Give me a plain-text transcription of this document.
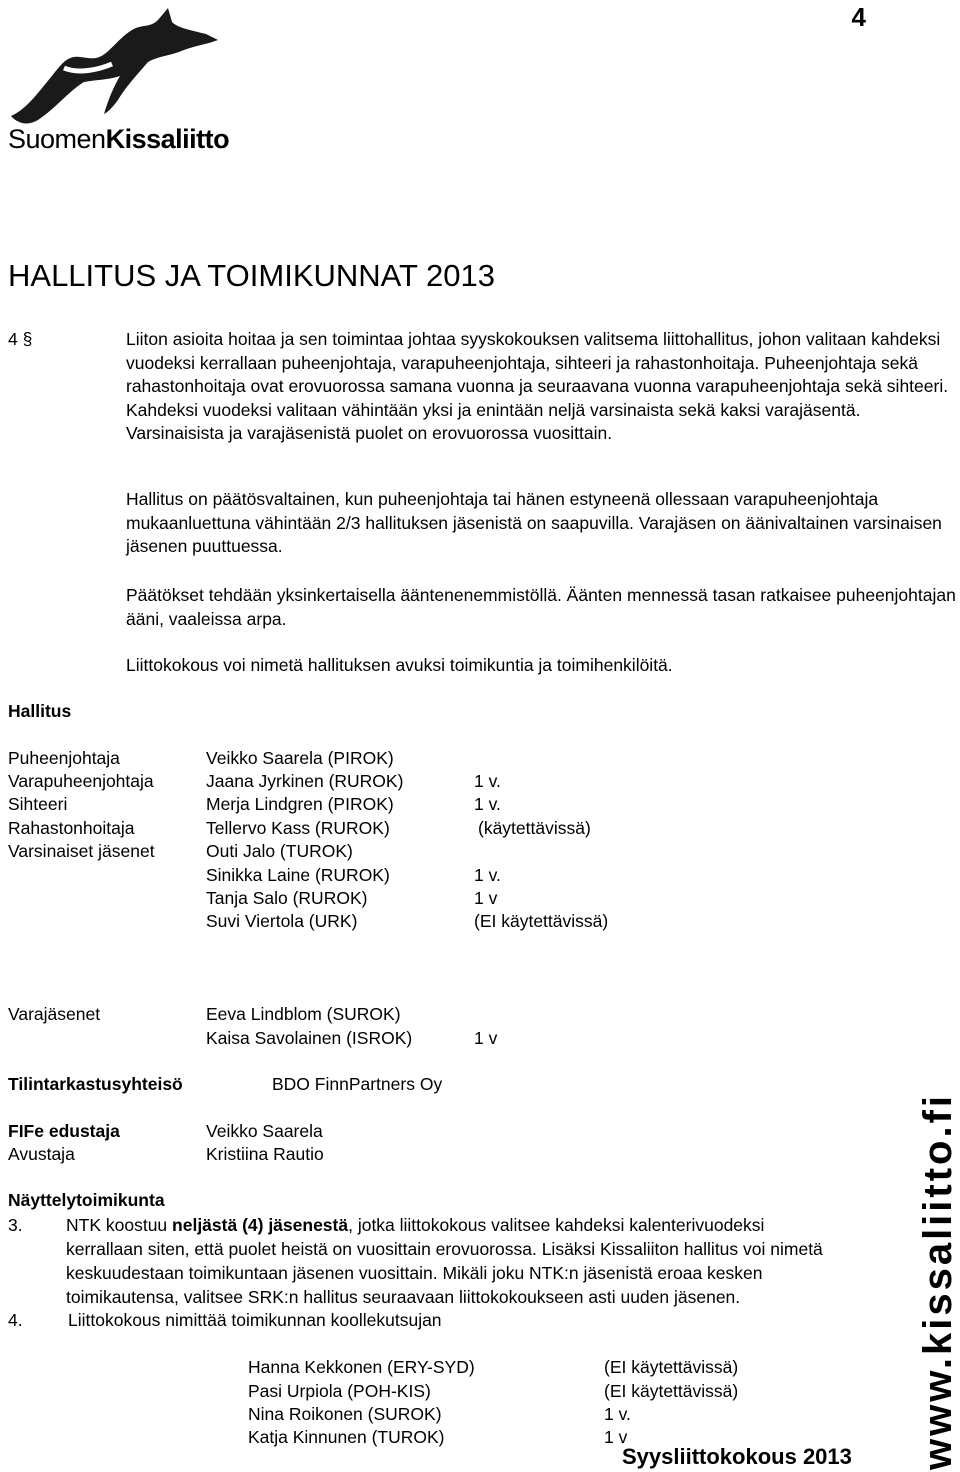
4
SuomenKissaliitto
HALLITUS JA TOIMIKUNNAT 2013
4 §	Liiton asioita hoitaa ja sen toimintaa johtaa syyskokouksen valitsema liittohallitus, johon valitaan kahdeksi vuodeksi kerrallaan puheenjohtaja, varapuheenjohtaja, sihteeri ja rahastonhoitaja. Puheenjohtaja sekä rahastonhoitaja ovat erovuorossa samana vuonna ja seuraavana vuonna varapuheenjohtaja sekä sihteeri. Kahdeksi vuodeksi valitaan vähintään yksi ja enintään neljä varsinaista sekä kaksi varajäsentä. Varsinaisista ja varajäsenistä puolet on erovuorossa vuosittain.
Hallitus on päätösvaltainen, kun puheenjohtaja tai hänen estyneenä ollessaan varapuheenjohtaja mukaanluettuna vähintään 2/3 hallituksen jäsenistä on saapuvilla. Varajäsen on äänivaltainen varsinaisen jäsenen puuttuessa.
Päätökset tehdään yksinkertaisella ääntenenemmistöllä. Äänten mennessä tasan ratkaisee puheenjohtajan ääni, vaaleissa arpa.
Liittokokous voi nimetä hallituksen avuksi toimikuntia ja toimihenkilöitä.
Hallitus
Puheenjohtaja	Veikko Saarela (PIROK)
Varapuheenjohtaja	Jaana Jyrkinen (RUROK)	1 v.
Sihteeri	Merja Lindgren (PIROK)	1 v.
Rahastonhoitaja	Tellervo Kass (RUROK)	(käytettävissä)
Varsinaiset jäsenet	Outi Jalo (TUROK)
Sinikka Laine (RUROK)	1 v.
Tanja Salo (RUROK)	1 v
Suvi Viertola (URK)	(EI käytettävissä)
Varajäsenet	Eeva Lindblom (SUROK)
Kaisa Savolainen (ISROK)	1 v
Tilintarkastusyhteisö	BDO FinnPartners Oy
FIFe edustaja	Veikko Saarela
Avustaja	Kristiina Rautio
Näyttelytoimikunta
3. NTK koostuu neljästä (4) jäsenestä, jotka liittokokous valitsee kahdeksi kalenterivuodeksi
kerrallaan siten, että puolet heistä on vuosittain erovuorossa. Lisäksi Kissaliiton hallitus voi nimetä
keskuudestaan toimikuntaan jäsenen vuosittain. Mikäli joku NTK:n jäsenistä eroaa kesken
toimikautensa, valitsee SRK:n hallitus seuraavaan liittokokoukseen asti uuden jäsenen.
4.	Liittokokous nimittää toimikunnan koollekutsujan
Hanna Kekkonen (ERY-SYD)	(EI käytettävissä)
Pasi Urpiola (POH-KIS)	(EI käytettävissä)
Nina Roikonen (SUROK)	1 v.
Katja Kinnunen (TUROK)	1 v	www.kissaliitto.fi
Syysliittokokous 2013
